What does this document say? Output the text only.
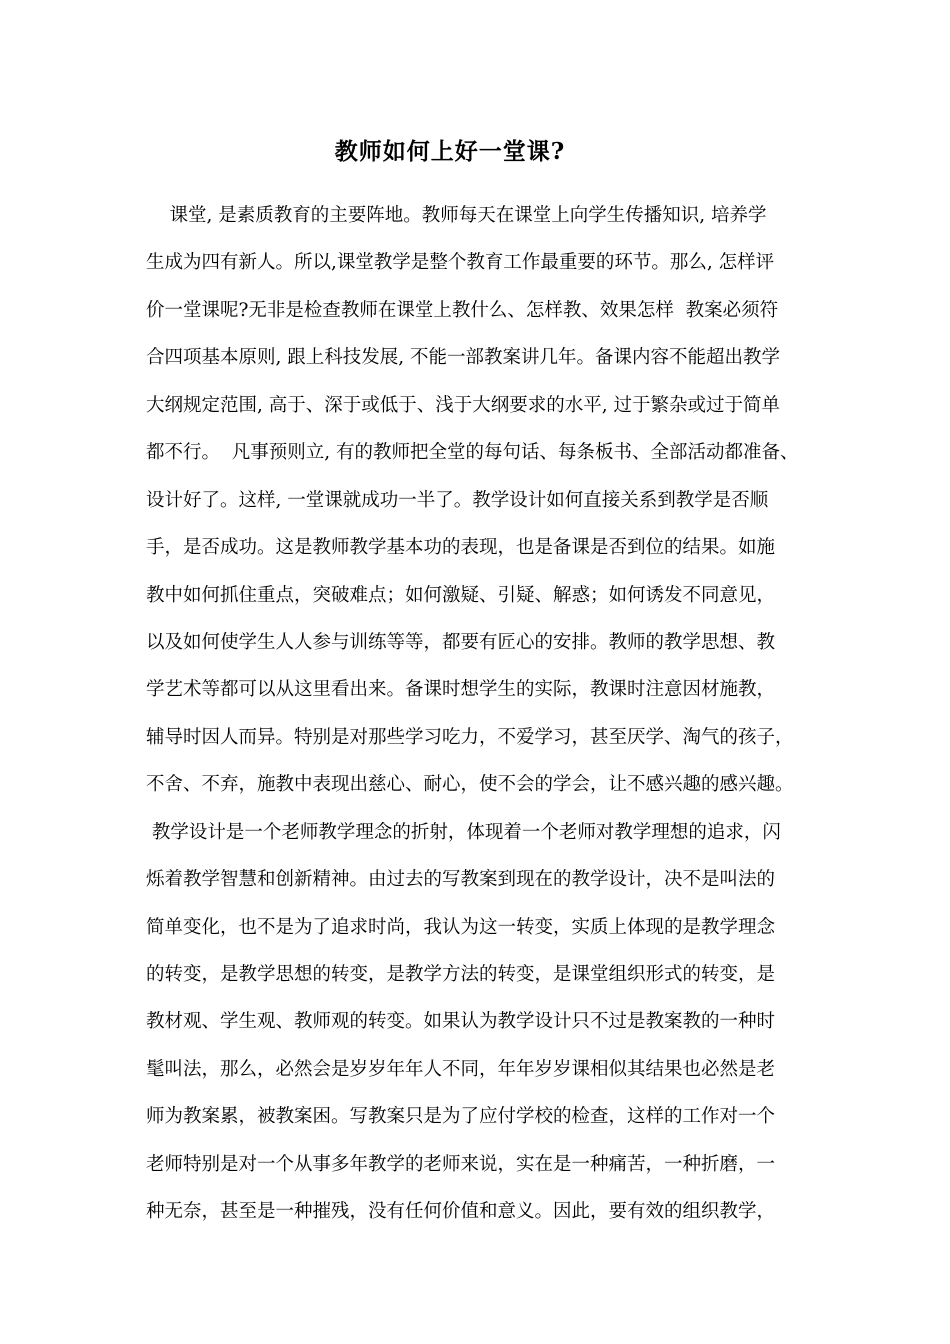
教师如何上好一堂课?
课堂, 是素质教育的主要阵地。教师每天在课堂上向学生传播知识, 培养学
生成为四有新人。所以,课堂教学是整个教育工作最重要的环节。那么, 怎样评
价一堂课呢?无非是检查教师在课堂上教什么、怎样教、效果怎样  教案必须符
合四项基本原则, 跟上科技发展, 不能一部教案讲几年。备课内容不能超出教学
大纲规定范围, 高于、深于或低于、浅于大纲要求的水平, 过于繁杂或过于简单
都不行。  凡事预则立, 有的教师把全堂的每句话、每条板书、全部活动都准备、
设计好了。这样, 一堂课就成功一半了。教学设计如何直接关系到教学是否顺
手，是否成功。这是教师教学基本功的表现，也是备课是否到位的结果。如施
教中如何抓住重点，突破难点；如何激疑、引疑、解惑；如何诱发不同意见，
以及如何使学生人人参与训练等等，都要有匠心的安排。教师的教学思想、教
学艺术等都可以从这里看出来。备课时想学生的实际，教课时注意因材施教，
辅导时因人而异。特别是对那些学习吃力，不爱学习，甚至厌学、淘气的孩子，
不舍、不弃，施教中表现出慈心、耐心，使不会的学会，让不感兴趣的感兴趣。
教学设计是一个老师教学理念的折射，体现着一个老师对教学理想的追求，闪
烁着教学智慧和创新精神。由过去的写教案到现在的教学设计，决不是叫法的
简单变化，也不是为了追求时尚，我认为这一转变，实质上体现的是教学理念
的转变，是教学思想的转变，是教学方法的转变，是课堂组织形式的转变，是
教材观、学生观、教师观的转变。如果认为教学设计只不过是教案教的一种时
髦叫法，那么，必然会是岁岁年年人不同，年年岁岁课相似其结果也必然是老
师为教案累，被教案困。写教案只是为了应付学校的检查，这样的工作对一个
老师特别是对一个从事多年教学的老师来说，实在是一种痛苦，一种折磨，一
种无奈，甚至是一种摧残，没有任何价值和意义。因此，要有效的组织教学，
